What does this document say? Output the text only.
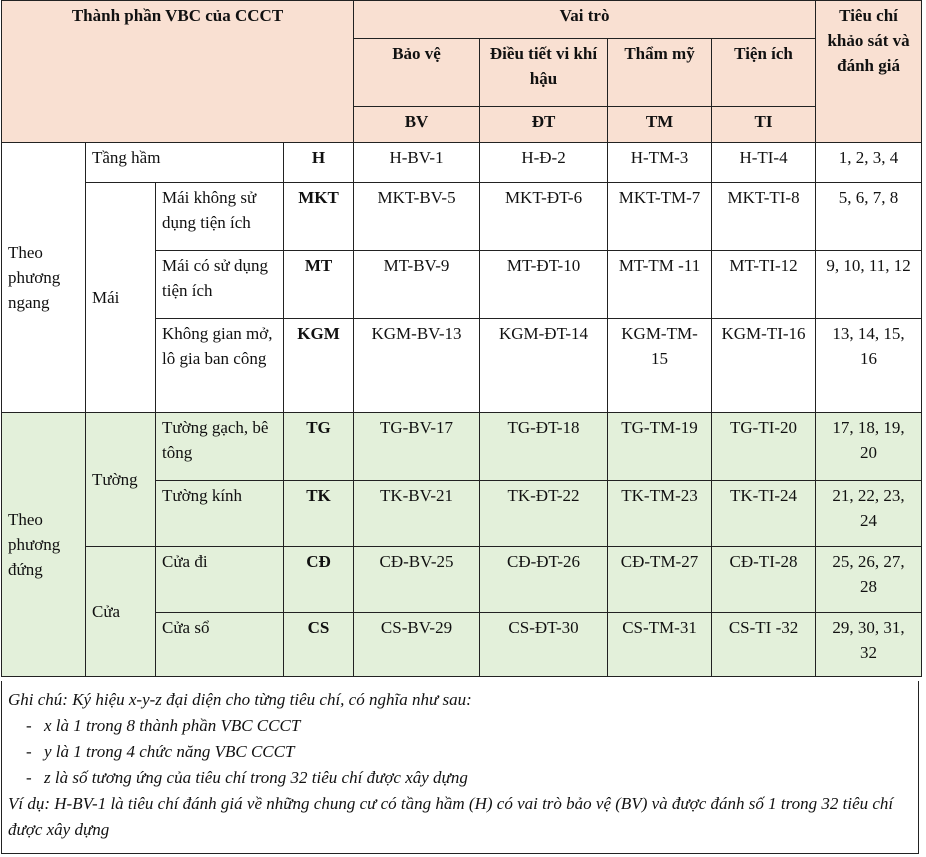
Thành phần VBC của CCCT				Vai trò				Tiêu chí khảo sát và đánh giá
				Bảo vệ	Điều tiết vi khí hậu	Thẩm mỹ	Tiện ích	
				BV	ĐT	TM	TI	
Theo phương ngang	Tầng hầm		H	H-BV-1	H-Đ-2	H-TM-3	H-TI-4	1, 2, 3, 4
	Mái	Mái không sử dụng tiện ích	MKT	MKT-BV-5	MKT-ĐT-6	MKT-TM-7	MKT-TI-8	5, 6, 7, 8
		Mái có sử dụng tiện ích	MT	MT-BV-9	MT-ĐT-10	MT-TM -11	MT-TI-12	9, 10, 11, 12
		Không gian mở, lô gia ban công	KGM	KGM-BV-13	KGM-ĐT-14	KGM-TM-15	KGM-TI-16	13, 14, 15, 16
Theo phương đứng	Tường	Tường gạch, bê tông	TG	TG-BV-17	TG-ĐT-18	TG-TM-19	TG-TI-20	17, 18, 19, 20
		Tường kính	TK	TK-BV-21	TK-ĐT-22	TK-TM-23	TK-TI-24	21, 22, 23, 24
	Cửa	Cửa đi	CĐ	CĐ-BV-25	CĐ-ĐT-26	CĐ-TM-27	CĐ-TI-28	25, 26, 27, 28
		Cửa sổ	CS	CS-BV-29	CS-ĐT-30	CS-TM-31	CS-TI -32	29, 30, 31, 32
Ghi chú: Ký hiệu x-y-z đại diện cho từng tiêu chí, có nghĩa như sau:
- x là 1 trong 8 thành phần VBC CCCT
- y là 1 trong 4 chức năng VBC CCCT
- z là số tương ứng của tiêu chí trong 32 tiêu chí được xây dựng
Ví dụ: H-BV-1 là tiêu chí đánh giá về những chung cư có tầng hầm (H) có vai trò bảo vệ (BV) và được đánh số 1 trong 32 tiêu chí được xây dựng
